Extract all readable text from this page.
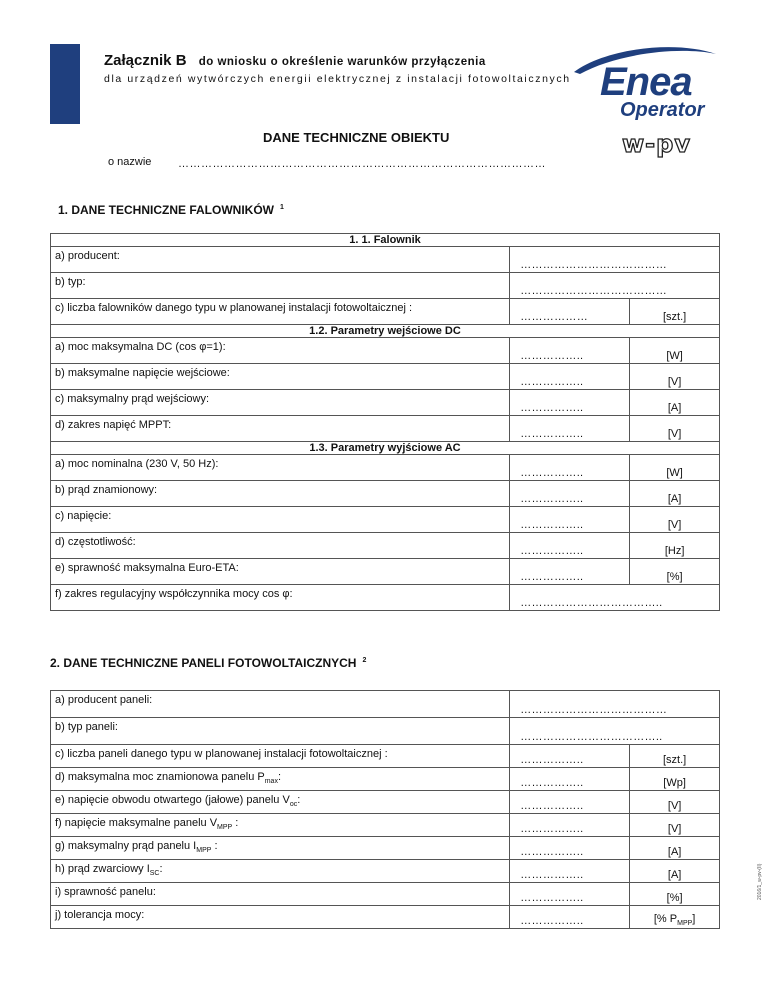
Załącznik B do wniosku o określenie warunków przyłączenia
dla urządzeń wytwórczych energii elektrycznej z instalacji fotowoltaicznych Enea
Operator
w-pv
DANE TECHNICZNE OBIEKTU
o nazwie ……………………………………………………………………………………
1. DANE TECHNICZNE FALOWNIKÓW $^1$
1. 1. Falownik		
a) producent:	…………………………………	
b) typ:	…………………………………	
c) liczba falowników danego typu w planowanej instalacji fotowoltaicznej :	………………	[szt.]
1.2. Parametry wejściowe DC		
a) moc maksymalna DC (cos φ=1):	……………..	[W]
b) maksymalne napięcie wejściowe:	……………..	[V]
c) maksymalny prąd wejściowy:	……………..	[A]
d) zakres napięć MPPT:	……………..	[V]
1.3. Parametry wyjściowe AC		
a) moc nominalna (230 V, 50 Hz):	……………..	[W]
b) prąd znamionowy:	……………..	[A]
c) napięcie:	……………..	[V]
d) częstotliwość:	……………..	[Hz]
e) sprawność maksymalna Euro-ETA:	……………..	[%]
f) zakres regulacyjny współczynnika mocy cos φ:	………………………………..	
2. DANE TECHNICZNE PANELI FOTOWOLTAICZNYCH $^2$
a) producent paneli:	…………………………………	
b) typ paneli:	………………………………..	
c) liczba paneli danego typu w planowanej instalacji fotowoltaicznej :	……………..	[szt.]
d) maksymalna moc znamionowa panelu $P_{max}$:	……………..	[Wp]
e) napięcie obwodu otwartego (jałowe) panelu $V_{oc}$:	……………..	[V]
f) napięcie maksymalne panelu $V_{MPP}$ :	……………..	[V]
g) maksymalny prąd panelu $I_{MPP}$ :	……………..	[A]
h) prąd zwarciowy $I_{SC}$:	……………..	[A]
i) sprawność panelu:	……………..	[%]
j) tolerancja mocy:	……………..	[% $P_{MPP}$]
2016/1_w-pv-(II)
